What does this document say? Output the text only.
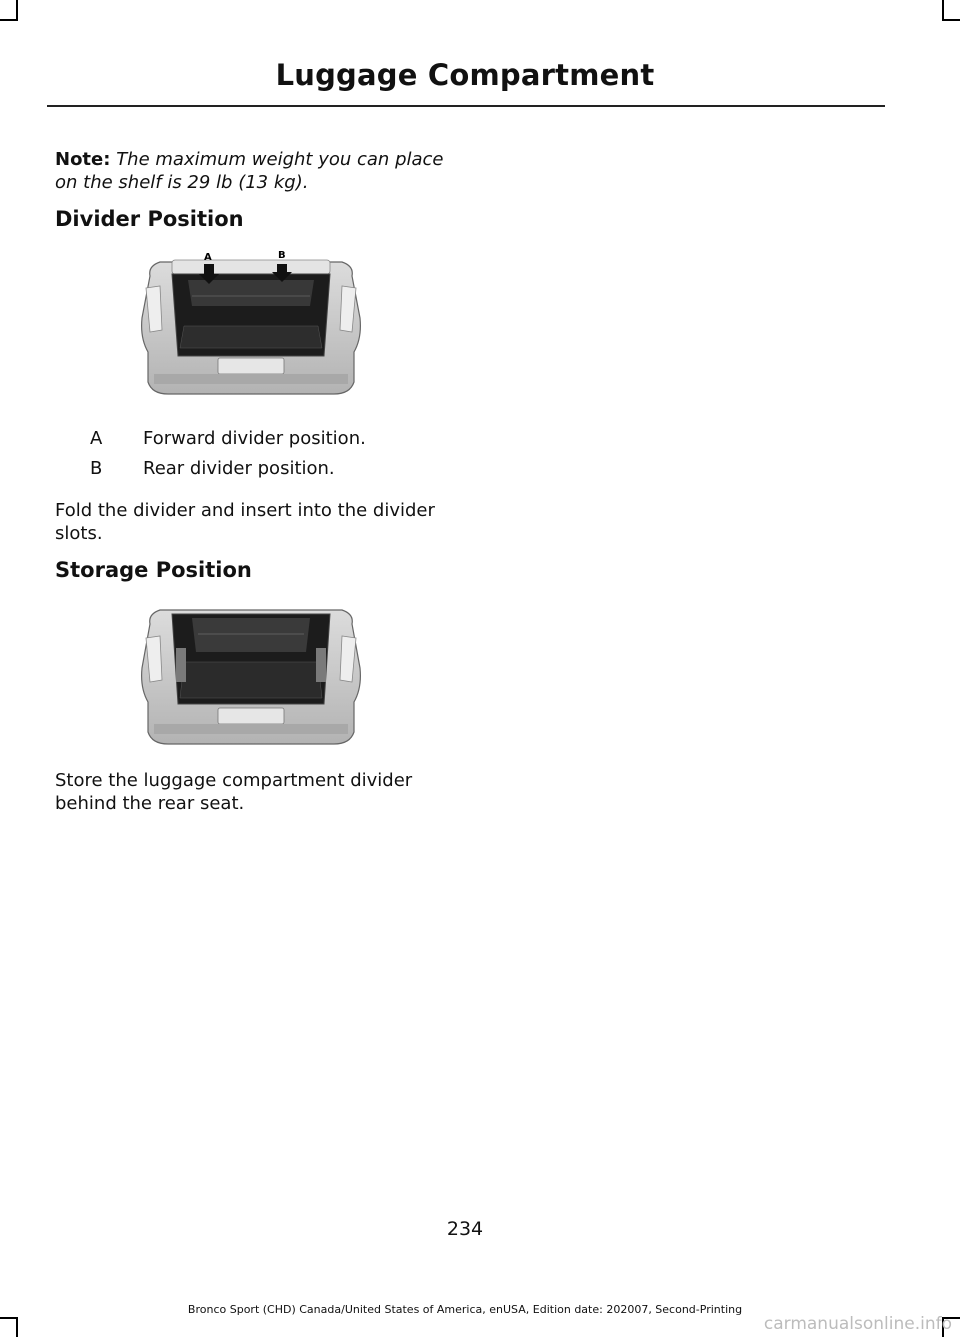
Luggage Compartment
Note: The maximum weight you can place on the shelf is 29 lb (13 kg).
Divider Position
A	B
A Forward divider position.
B Rear divider position.
Fold the divider and insert into the divider slots.
Storage Position
Store the luggage compartment divider behind the rear seat.
234
Bronco Sport (CHD) Canada/United States of America, enUSA, Edition date: 202007, Second-Printing
carmanualsonline.info
